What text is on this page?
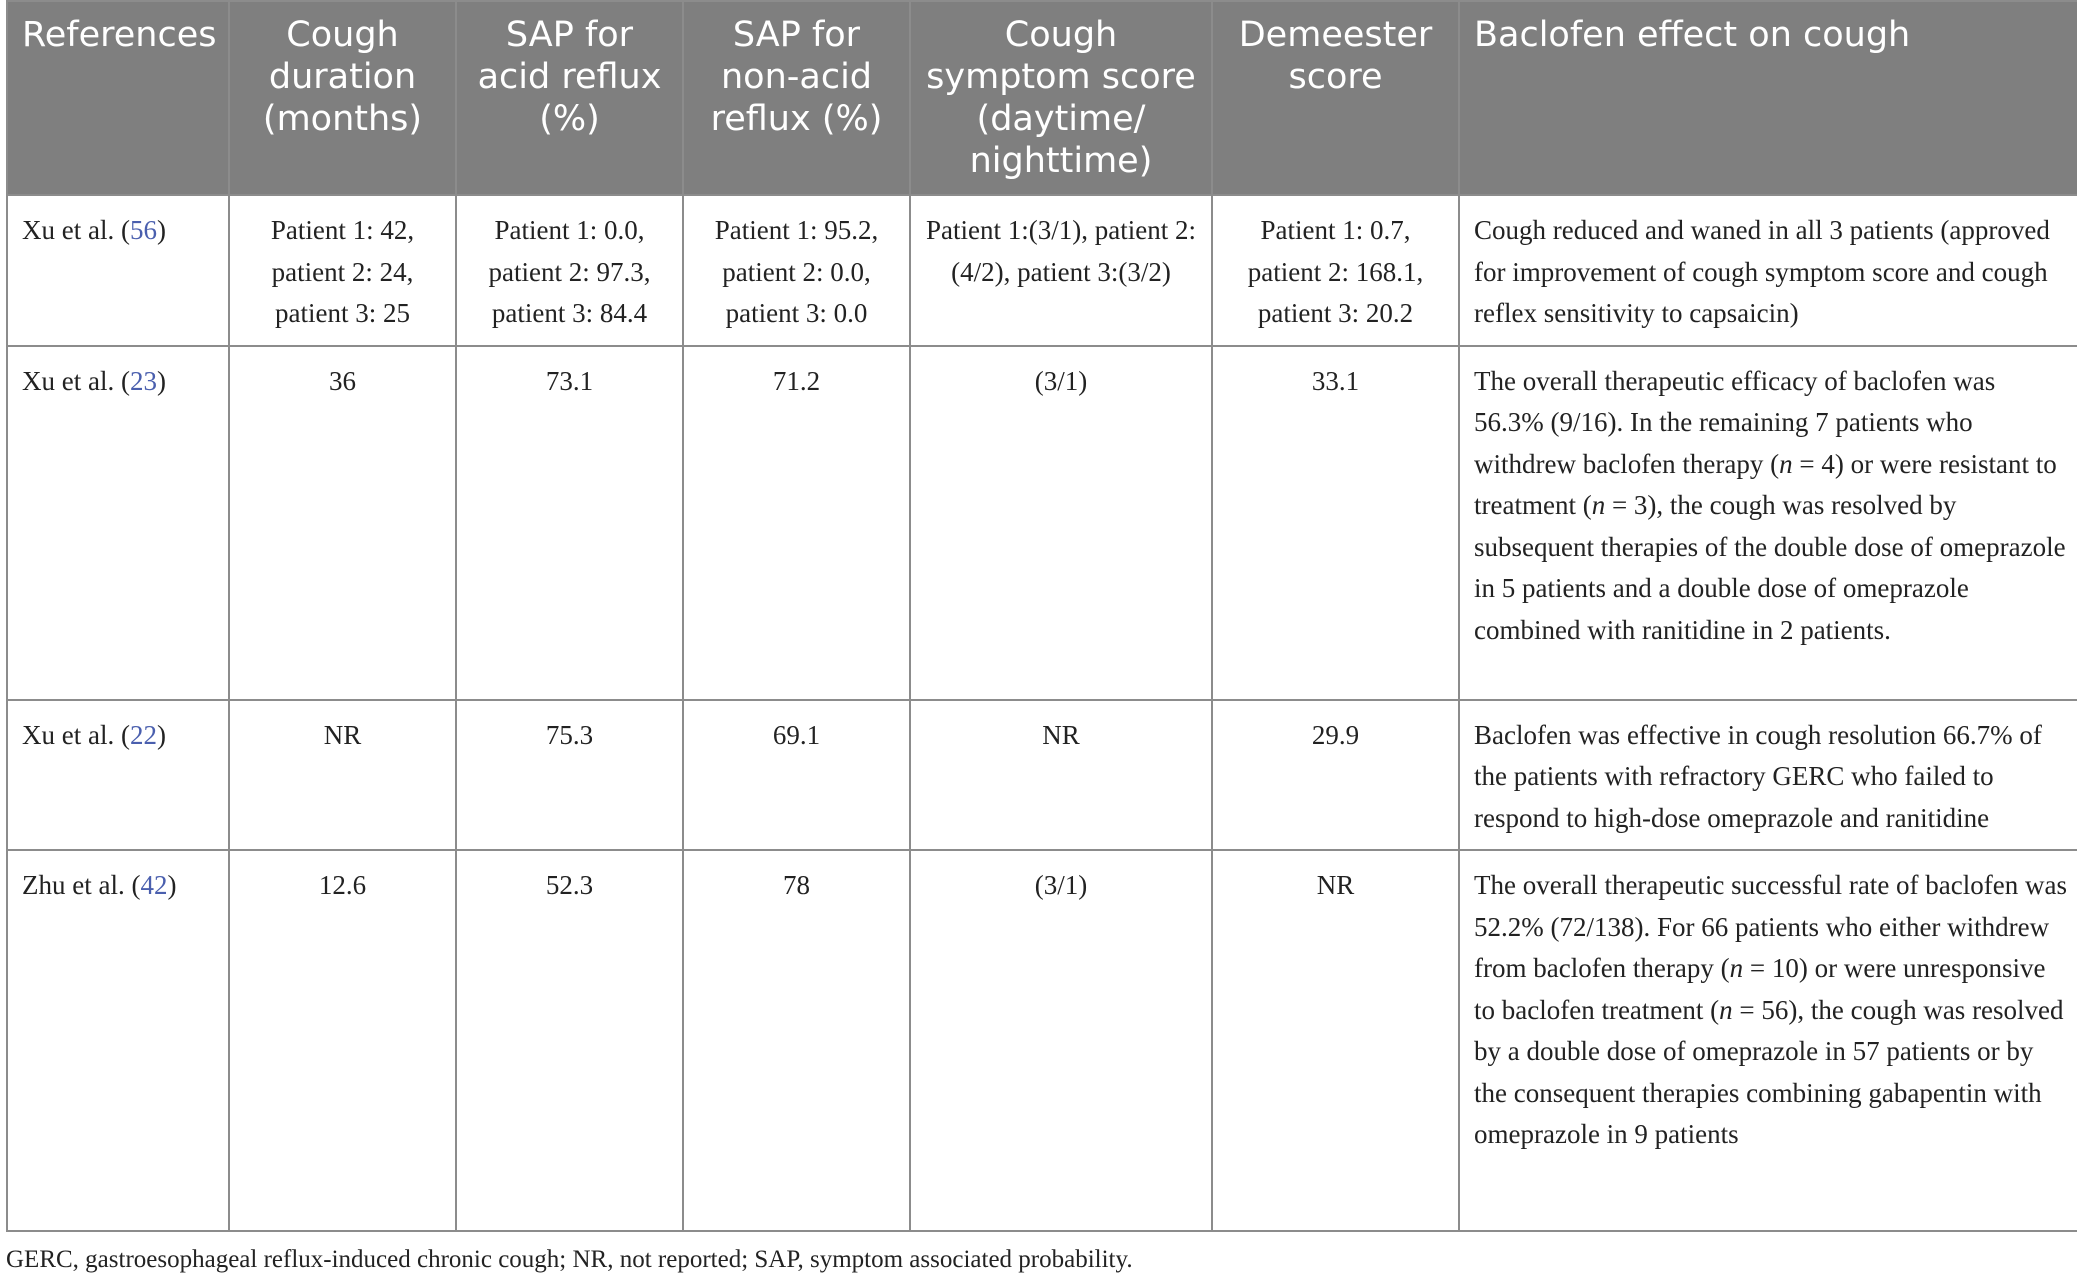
References	Cough duration (months)	SAP for acid reflux (%)	SAP for non-acid reflux (%)	Cough symptom score (daytime/ nighttime)	Demeester score	Baclofen effect on cough
Xu et al. (56)	Patient 1: 42, patient 2: 24, patient 3: 25	Patient 1: 0.0, patient 2: 97.3, patient 3: 84.4	Patient 1: 95.2, patient 2: 0.0, patient 3: 0.0	Patient 1:(3/1), patient 2:(4/2), patient 3:(3/2)	Patient 1: 0.7, patient 2: 168.1, patient 3: 20.2	Cough reduced and waned in all 3 patients (approved for improvement of cough symptom score and cough reflex sensitivity to capsaicin)
Xu et al. (23)	36	73.1	71.2	(3/1)	33.1	The overall therapeutic efficacy of baclofen was 56.3% (9/16). In the remaining 7 patients who withdrew baclofen therapy (n = 4) or were resistant to treatment (n = 3), the cough was resolved by subsequent therapies of the double dose of omeprazole in 5 patients and a double dose of omeprazole combined with ranitidine in 2 patients.
Xu et al. (22)	NR	75.3	69.1	NR	29.9	Baclofen was effective in cough resolution 66.7% of the patients with refractory GERC who failed to respond to high-dose omeprazole and ranitidine
Zhu et al. (42)	12.6	52.3	78	(3/1)	NR	The overall therapeutic successful rate of baclofen was 52.2% (72/138). For 66 patients who either withdrew from baclofen therapy (n = 10) or were unresponsive to baclofen treatment (n = 56), the cough was resolved by a double dose of omeprazole in 57 patients or by the consequent therapies combining gabapentin with omeprazole in 9 patients
GERC, gastroesophageal reflux-induced chronic cough; NR, not reported; SAP, symptom associated probability.
